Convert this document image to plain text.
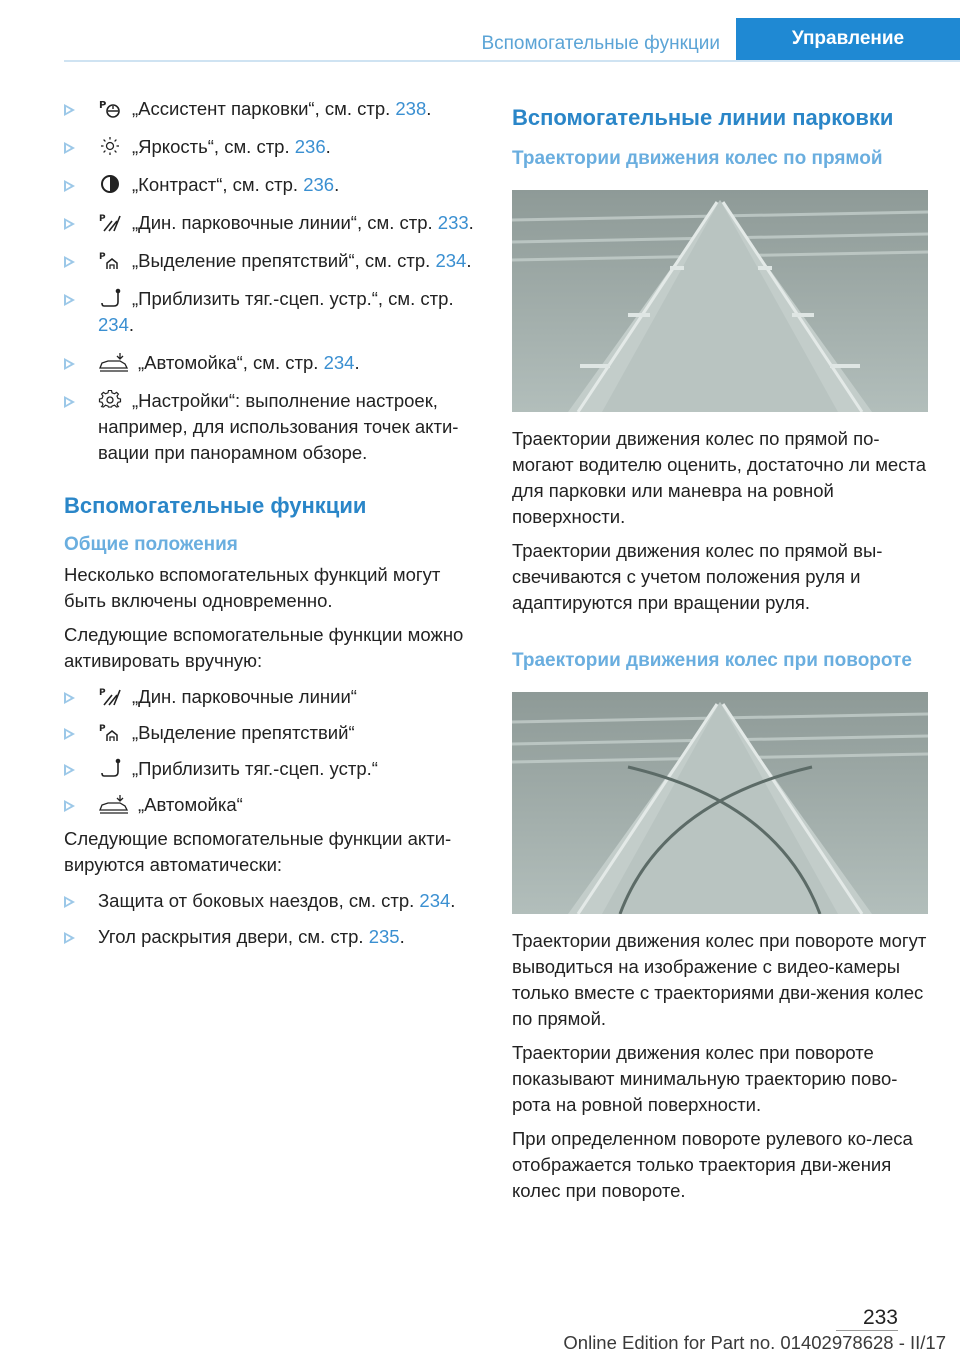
Вспомогательные функции	Управление
P „Ассистент парковки“, см. стр. 238.
„Яркость“, см. стр. 236.
„Контраст“, см. стр. 236.
P „Дин. парковочные линии“, см. стр. 233.
P „Выделение препятствий“, см. стр. 234.
„Приблизить тяг.-сцеп. устр.“, см. стр. 234.
„Автомойка“, см. стр. 234.
„Настройки“: выполнение настроек, например, для использования точек акти-вации при панорамном обзоре.
Вспомогательные функции
Общие положения

Несколько вспомогательных функций могут быть включены одновременно.

Следующие вспомогательные функции можно активировать вручную:

P „Дин. парковочные линии“
P „Выделение препятствий“
„Приблизить тяг.-сцеп. устр.“
„Автомойка“

Следующие вспомогательные функции акти-вируются автоматически:

Защита от боковых наездов, см. стр. 234.
Угол раскрытия двери, см. стр. 235.
Вспомогательные линии парковки
Траектории движения колес по прямой

Траектории движения колес по прямой по-могают водителю оценить, достаточно ли места для парковки или маневра на ровной поверхности.

Траектории движения колес по прямой вы-свечиваются с учетом положения руля и адаптируются при вращении руля.

Траектории движения колес при повороте

Траектории движения колес при повороте могут выводиться на изображение с видео-камеры только вместе с траекториями дви-жения колес по прямой.

Траектории движения колес при повороте показывают минимальную траекторию пово-рота на ровной поверхности.

При определенном повороте рулевого ко-леса отображается только траектория дви-жения колес при повороте.

233
Online Edition for Part no. 01402978628 - II/17
